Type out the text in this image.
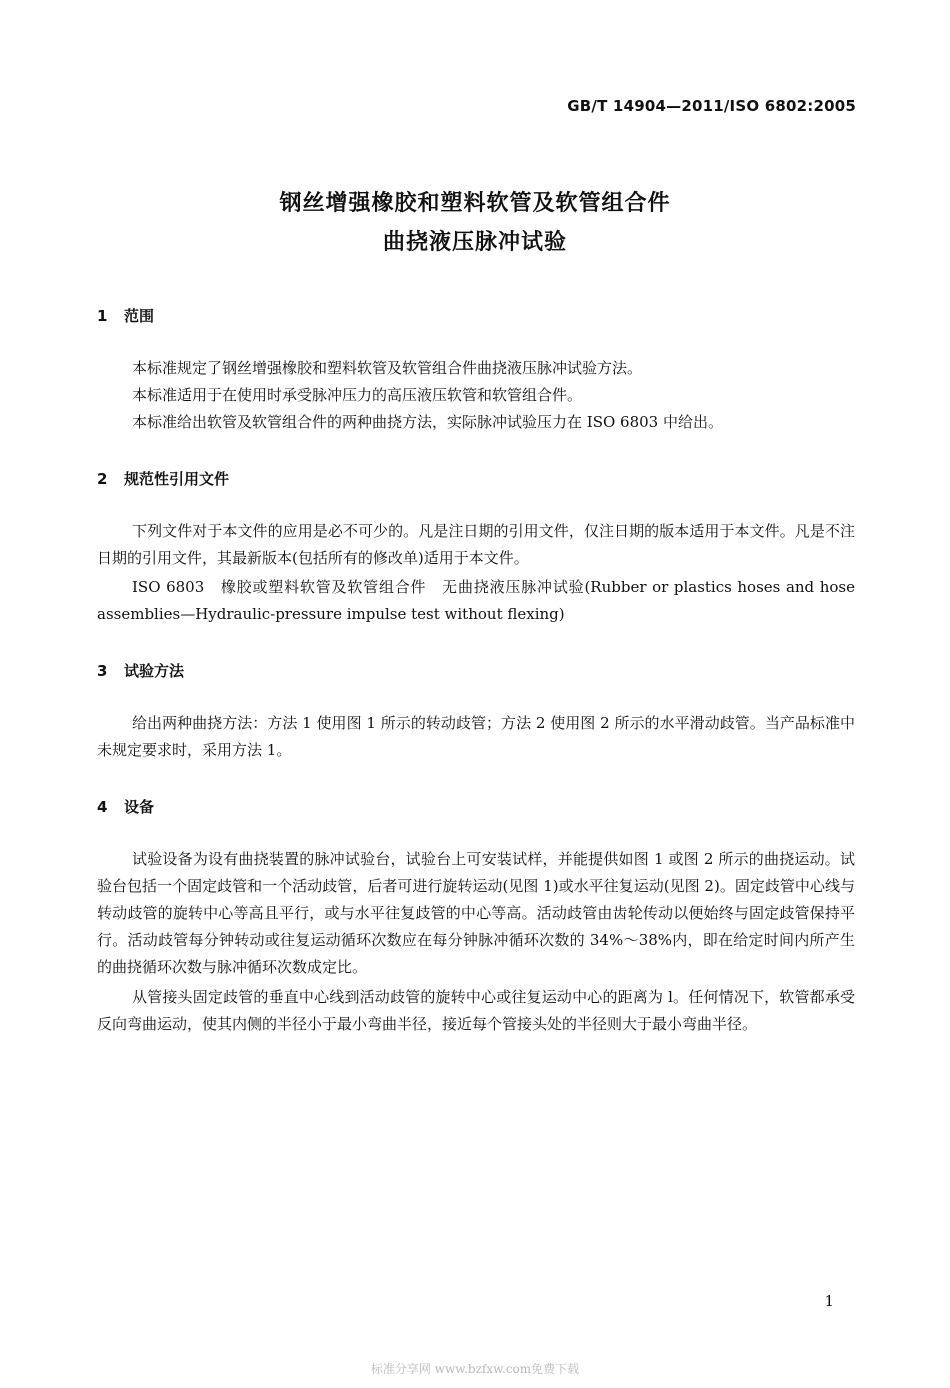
GB/T 14904—2011/ISO 6802:2005
钢丝增强橡胶和塑料软管及软管组合件
曲挠液压脉冲试验
1 范围

本标准规定了钢丝增强橡胶和塑料软管及软管组合件曲挠液压脉冲试验方法。

本标准适用于在使用时承受脉冲压力的高压液压软管和软管组合件。

本标准给出软管及软管组合件的两种曲挠方法，实际脉冲试验压力在 ISO 6803 中给出。

2 规范性引用文件

下列文件对于本文件的应用是必不可少的。凡是注日期的引用文件，仅注日期的版本适用于本文件。凡是不注日期的引用文件，其最新版本(包括所有的修改单)适用于本文件。

ISO 6803　橡胶或塑料软管及软管组合件　无曲挠液压脉冲试验(Rubber or plastics hoses and hose assemblies—Hydraulic-pressure impulse test without flexing)

3 试验方法

给出两种曲挠方法：方法 1 使用图 1 所示的转动歧管；方法 2 使用图 2 所示的水平滑动歧管。当产品标准中未规定要求时，采用方法 1。

4 设备

试验设备为设有曲挠装置的脉冲试验台，试验台上可安装试样，并能提供如图 1 或图 2 所示的曲挠运动。试验台包括一个固定歧管和一个活动歧管，后者可进行旋转运动(见图 1)或水平往复运动(见图 2)。固定歧管中心线与转动歧管的旋转中心等高且平行，或与水平往复歧管的中心等高。活动歧管由齿轮传动以便始终与固定歧管保持平行。活动歧管每分钟转动或往复运动循环次数应在每分钟脉冲循环次数的 34%～38%内，即在给定时间内所产生的曲挠循环次数与脉冲循环次数成定比。

从管接头固定歧管的垂直中心线到活动歧管的旋转中心或往复运动中心的距离为 l。任何情况下，软管都承受反向弯曲运动，使其内侧的半径小于最小弯曲半径，接近每个管接头处的半径则大于最小弯曲半径。

1
标准分享网 www.bzfxw.com免费下载
